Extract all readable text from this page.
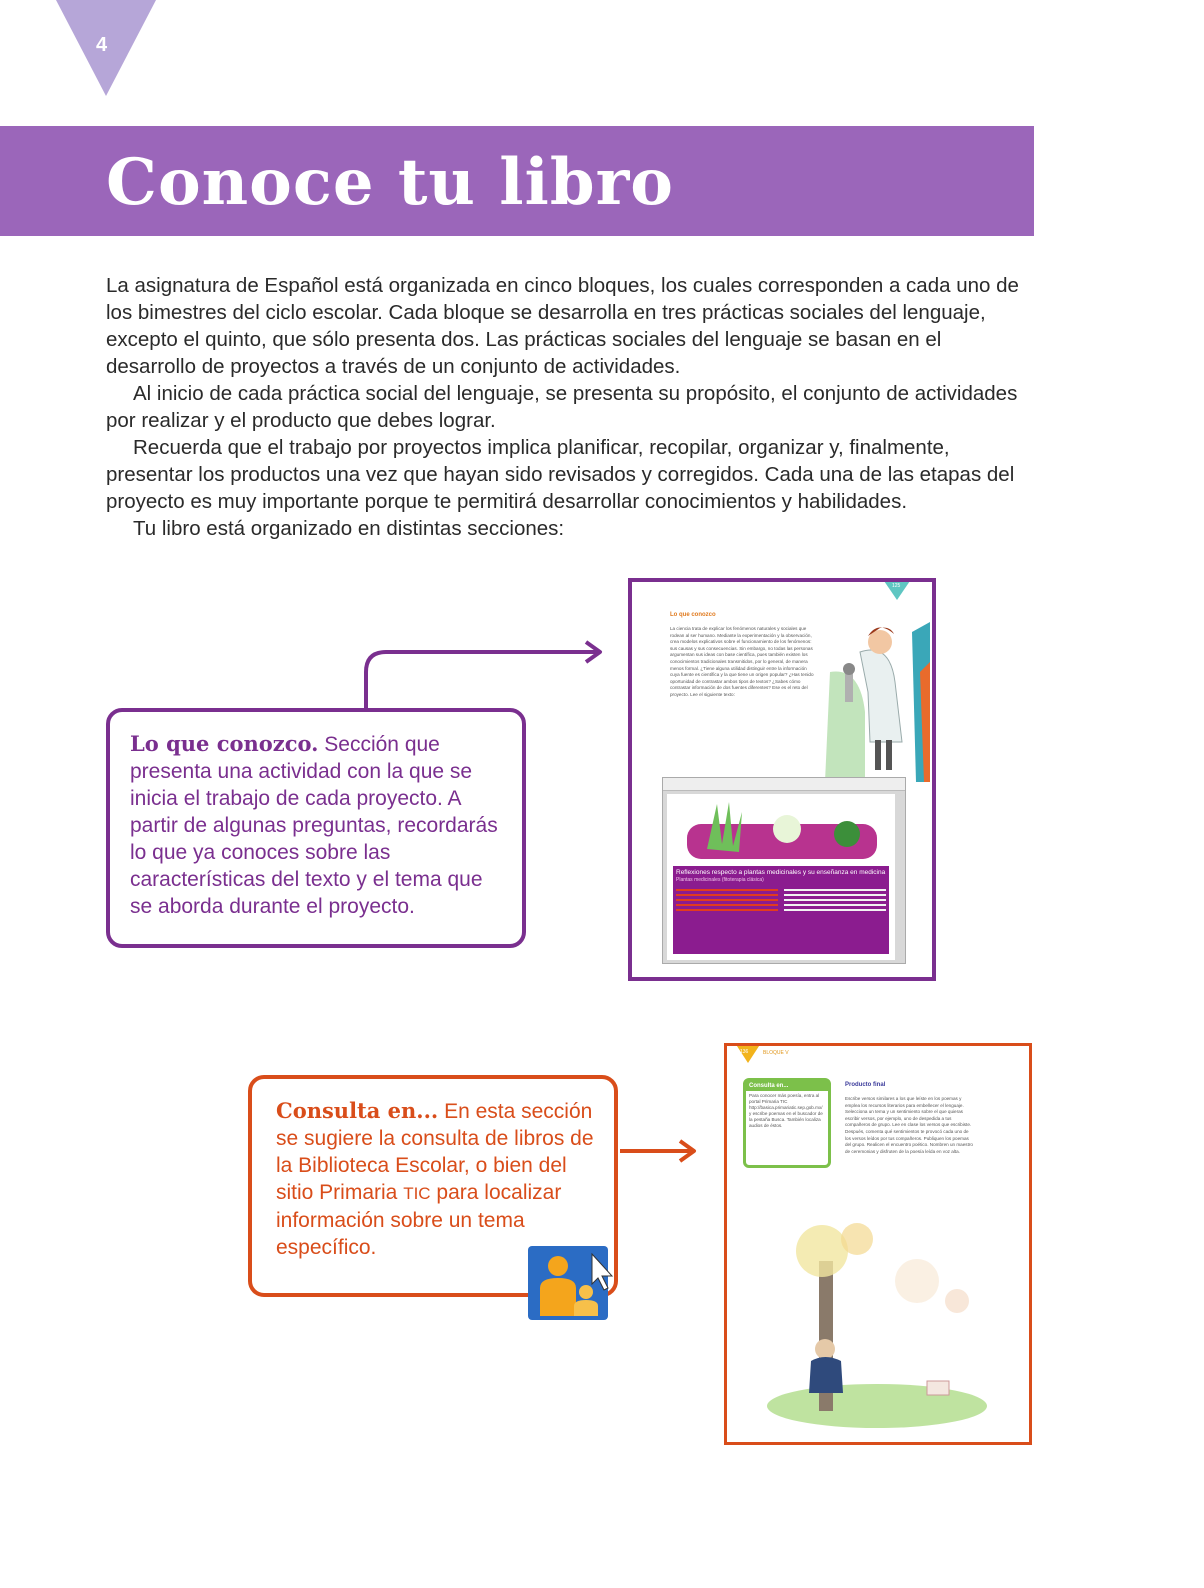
4
Conoce tu libro

La asignatura de Español está organizada en cinco bloques, los cuales corresponden a cada uno de los bimestres del ciclo escolar. Cada bloque se desarrolla en tres prácticas sociales del lenguaje, excepto el quinto, que sólo presenta dos. Las prácticas sociales del lenguaje se basan en el desarrollo de proyectos a través de un conjunto de actividades.

Al inicio de cada práctica social del lenguaje, se presenta su propósito, el conjunto de actividades por realizar y el producto que debes lograr.

Recuerda que el trabajo por proyectos implica planificar, recopilar, organizar y, finalmente, presentar los productos una vez que hayan sido revisados y corregidos. Cada una de las etapas del proyecto es muy importante porque te permitirá desarrollar conocimientos y habilidades.

Tu libro está organizado en distintas secciones:

Lo que conozco. Sección que presenta una actividad con la que se inicia el trabajo de cada proyecto. A partir de algunas preguntas, recordarás lo que ya conoces sobre las características del texto y el tema que se aborda durante el proyecto.
125
Lo que conozco
La ciencia trata de explicar los fenómenos naturales y sociales que rodean al ser humano. Mediante la experimentación y la observación, crea modelos explicativos sobre el funcionamiento de los fenómenos: sus causas y sus consecuencias. Sin embargo, no todas las personas argumentan sus ideas con base científica, pues también existen los conocimientos tradicionales transmitidos, por lo general, de manera menos formal. ¿Tiene alguna utilidad distinguir entre la información cuya fuente es científica y la que tiene un origen popular? ¿Has tenido oportunidad de contrastar ambos tipos de textos? ¿Sabes cómo contrastar información de dos fuentes diferentes? Ese es el reto del proyecto. Lee el siguiente texto:
Reflexiones respecto a plantas medicinales y su enseñanza en medicina
Plantas medicinales (fitoterapia clásica)
Consulta en... En esta sección se sugiere la consulta de libros de la Biblioteca Escolar, o bien del sitio Primaria TIC para localizar información sobre un tema específico.
136	BLOQUE V
Consulta en...
Para conocer más poesía, entra al portal Primaria TIC http://basica.primariatic.sep.gob.mx/ y escribe poemas en el buscador de la pestaña Busca. También localiza audios de éstos.
Producto final
Escribe versos similares a los que leíste en los poemas y emplea los recursos literarios para embellecer el lenguaje. Selecciona un tema y un sentimiento sobre el que quieras escribir versos, por ejemplo, uno de despedida a tus compañeros de grupo. Lee en clase los versos que escribiste. Después, comenta qué sentimientos te provocó cada uno de los versos leídos por tus compañeros. Publiquen los poemas del grupo. Realicen el encuentro poético. Nombren un maestro de ceremonias y disfruten de la poesía leída en voz alta.
